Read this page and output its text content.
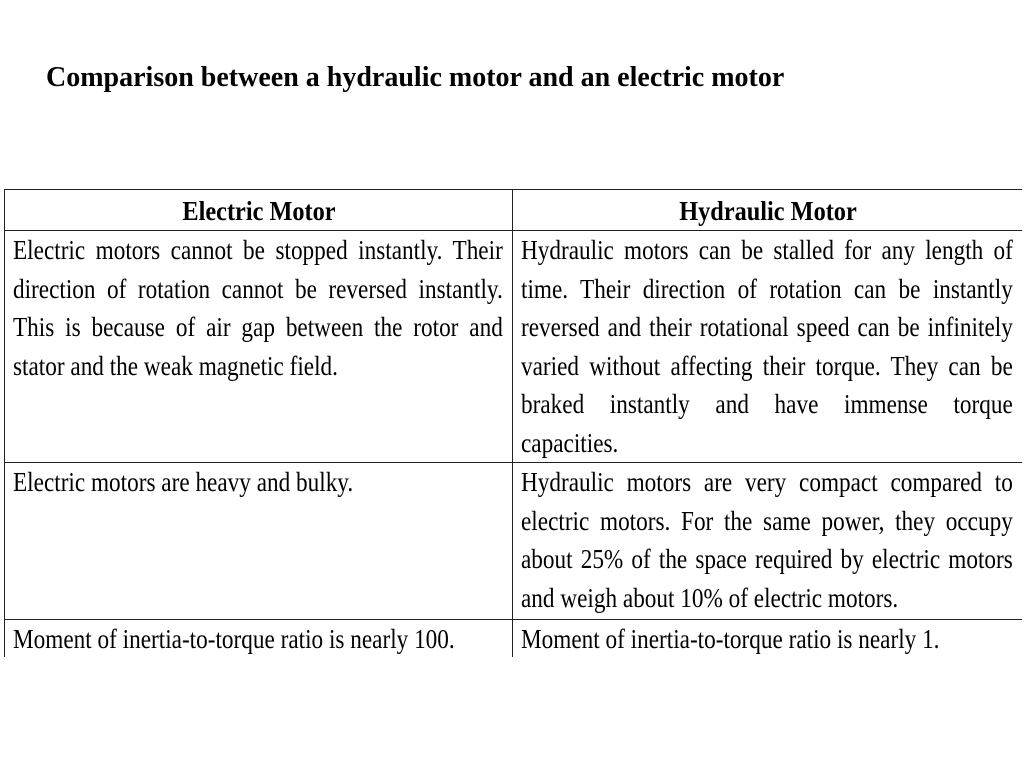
Comparison between a hydraulic motor and an electric motor
Electric Motor	Hydraulic Motor

Electric motors cannot be stopped instantly. Their direction of rotation cannot be reversed instantly. This is because of air gap between the rotor and stator and the weak magnetic field.	Hydraulic motors can be stalled for any length of time. Their direction of rotation can be instantly reversed and their rotational speed can be infinitely varied without affecting their torque. They can be braked instantly and have immense torque capacities.

Electric motors are heavy and bulky.	Hydraulic motors are very compact compared to electric motors. For the same power, they occupy about 25% of the space required by electric motors and weigh about 10% of electric motors.

Moment of inertia-to-torque ratio is nearly 100.	Moment of inertia-to-torque ratio is nearly 1.
